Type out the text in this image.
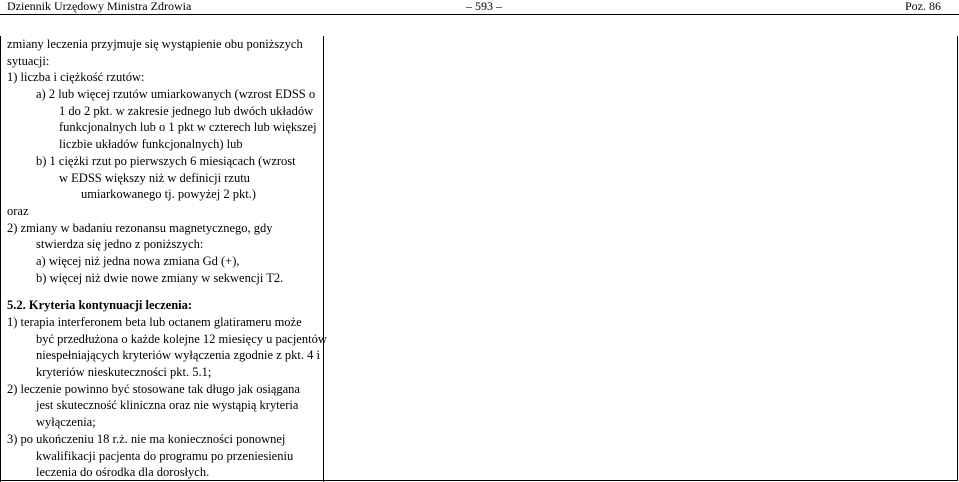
Dziennik Urzędowy Ministra Zdrowia	– 593 –	Poz. 86
zmiany leczenia przyjmuje się wystąpienie obu poniższych
sytuacji:
1) liczba i ciężkość rzutów:
a) 2 lub więcej rzutów umiarkowanych (wzrost EDSS o
1 do 2 pkt. w zakresie jednego lub dwóch układów
funkcjonalnych lub o 1 pkt w czterech lub większej
liczbie układów funkcjonalnych) lub
b) 1 ciężki rzut po pierwszych 6 miesiącach (wzrost
w EDSS większy niż w definicji rzutu
umiarkowanego tj. powyżej 2 pkt.)
oraz
2) zmiany w badaniu rezonansu magnetycznego, gdy
stwierdza się jedno z poniższych:
a) więcej niż jedna nowa zmiana Gd (+),
b) więcej niż dwie nowe zmiany w sekwencji T2.
5.2. Kryteria kontynuacji leczenia:
1) terapia interferonem beta lub octanem glatirameru może
być przedłużona o każde kolejne 12 miesięcy u pacjentów
niespełniających kryteriów wyłączenia zgodnie z pkt. 4 i
kryteriów nieskuteczności pkt. 5.1;
2) leczenie powinno być stosowane tak długo jak osiągana
jest skuteczność kliniczna oraz nie wystąpią kryteria
wyłączenia;
3) po ukończeniu 18 r.ż. nie ma konieczności ponownej
kwalifikacji pacjenta do programu po przeniesieniu
leczenia do ośrodka dla dorosłych.
